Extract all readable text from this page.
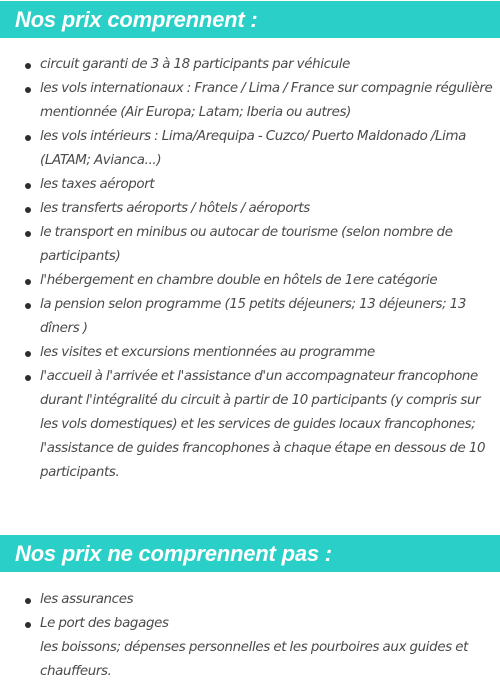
Nos prix comprennent :
circuit garanti de 3 à 18 participants par véhicule
les vols internationaux : France / Lima / France sur compagnie régulière mentionnée (Air Europa; Latam; Iberia ou autres)
les vols intérieurs : Lima/Arequipa - Cuzco/ Puerto Maldonado /Lima (LATAM; Avianca...)
les taxes aéroport
les transferts aéroports / hôtels / aéroports
le transport en minibus ou autocar de tourisme (selon nombre de participants)
l'hébergement en chambre double en hôtels de 1ere catégorie
la pension selon programme (15 petits déjeuners; 13 déjeuners; 13 dîners )
les visites et excursions mentionnées au programme
l'accueil à l'arrivée et l'assistance d'un accompagnateur francophone durant l'intégralité du circuit à partir de 10 participants (y compris sur les vols domestiques) et les services de guides locaux francophones; l'assistance de guides francophones à chaque étape en dessous de 10 participants.
Nos prix ne comprennent pas :
les assurances
Le port des bagages
les boissons; dépenses personnelles et les pourboires aux guides et chauffeurs.
